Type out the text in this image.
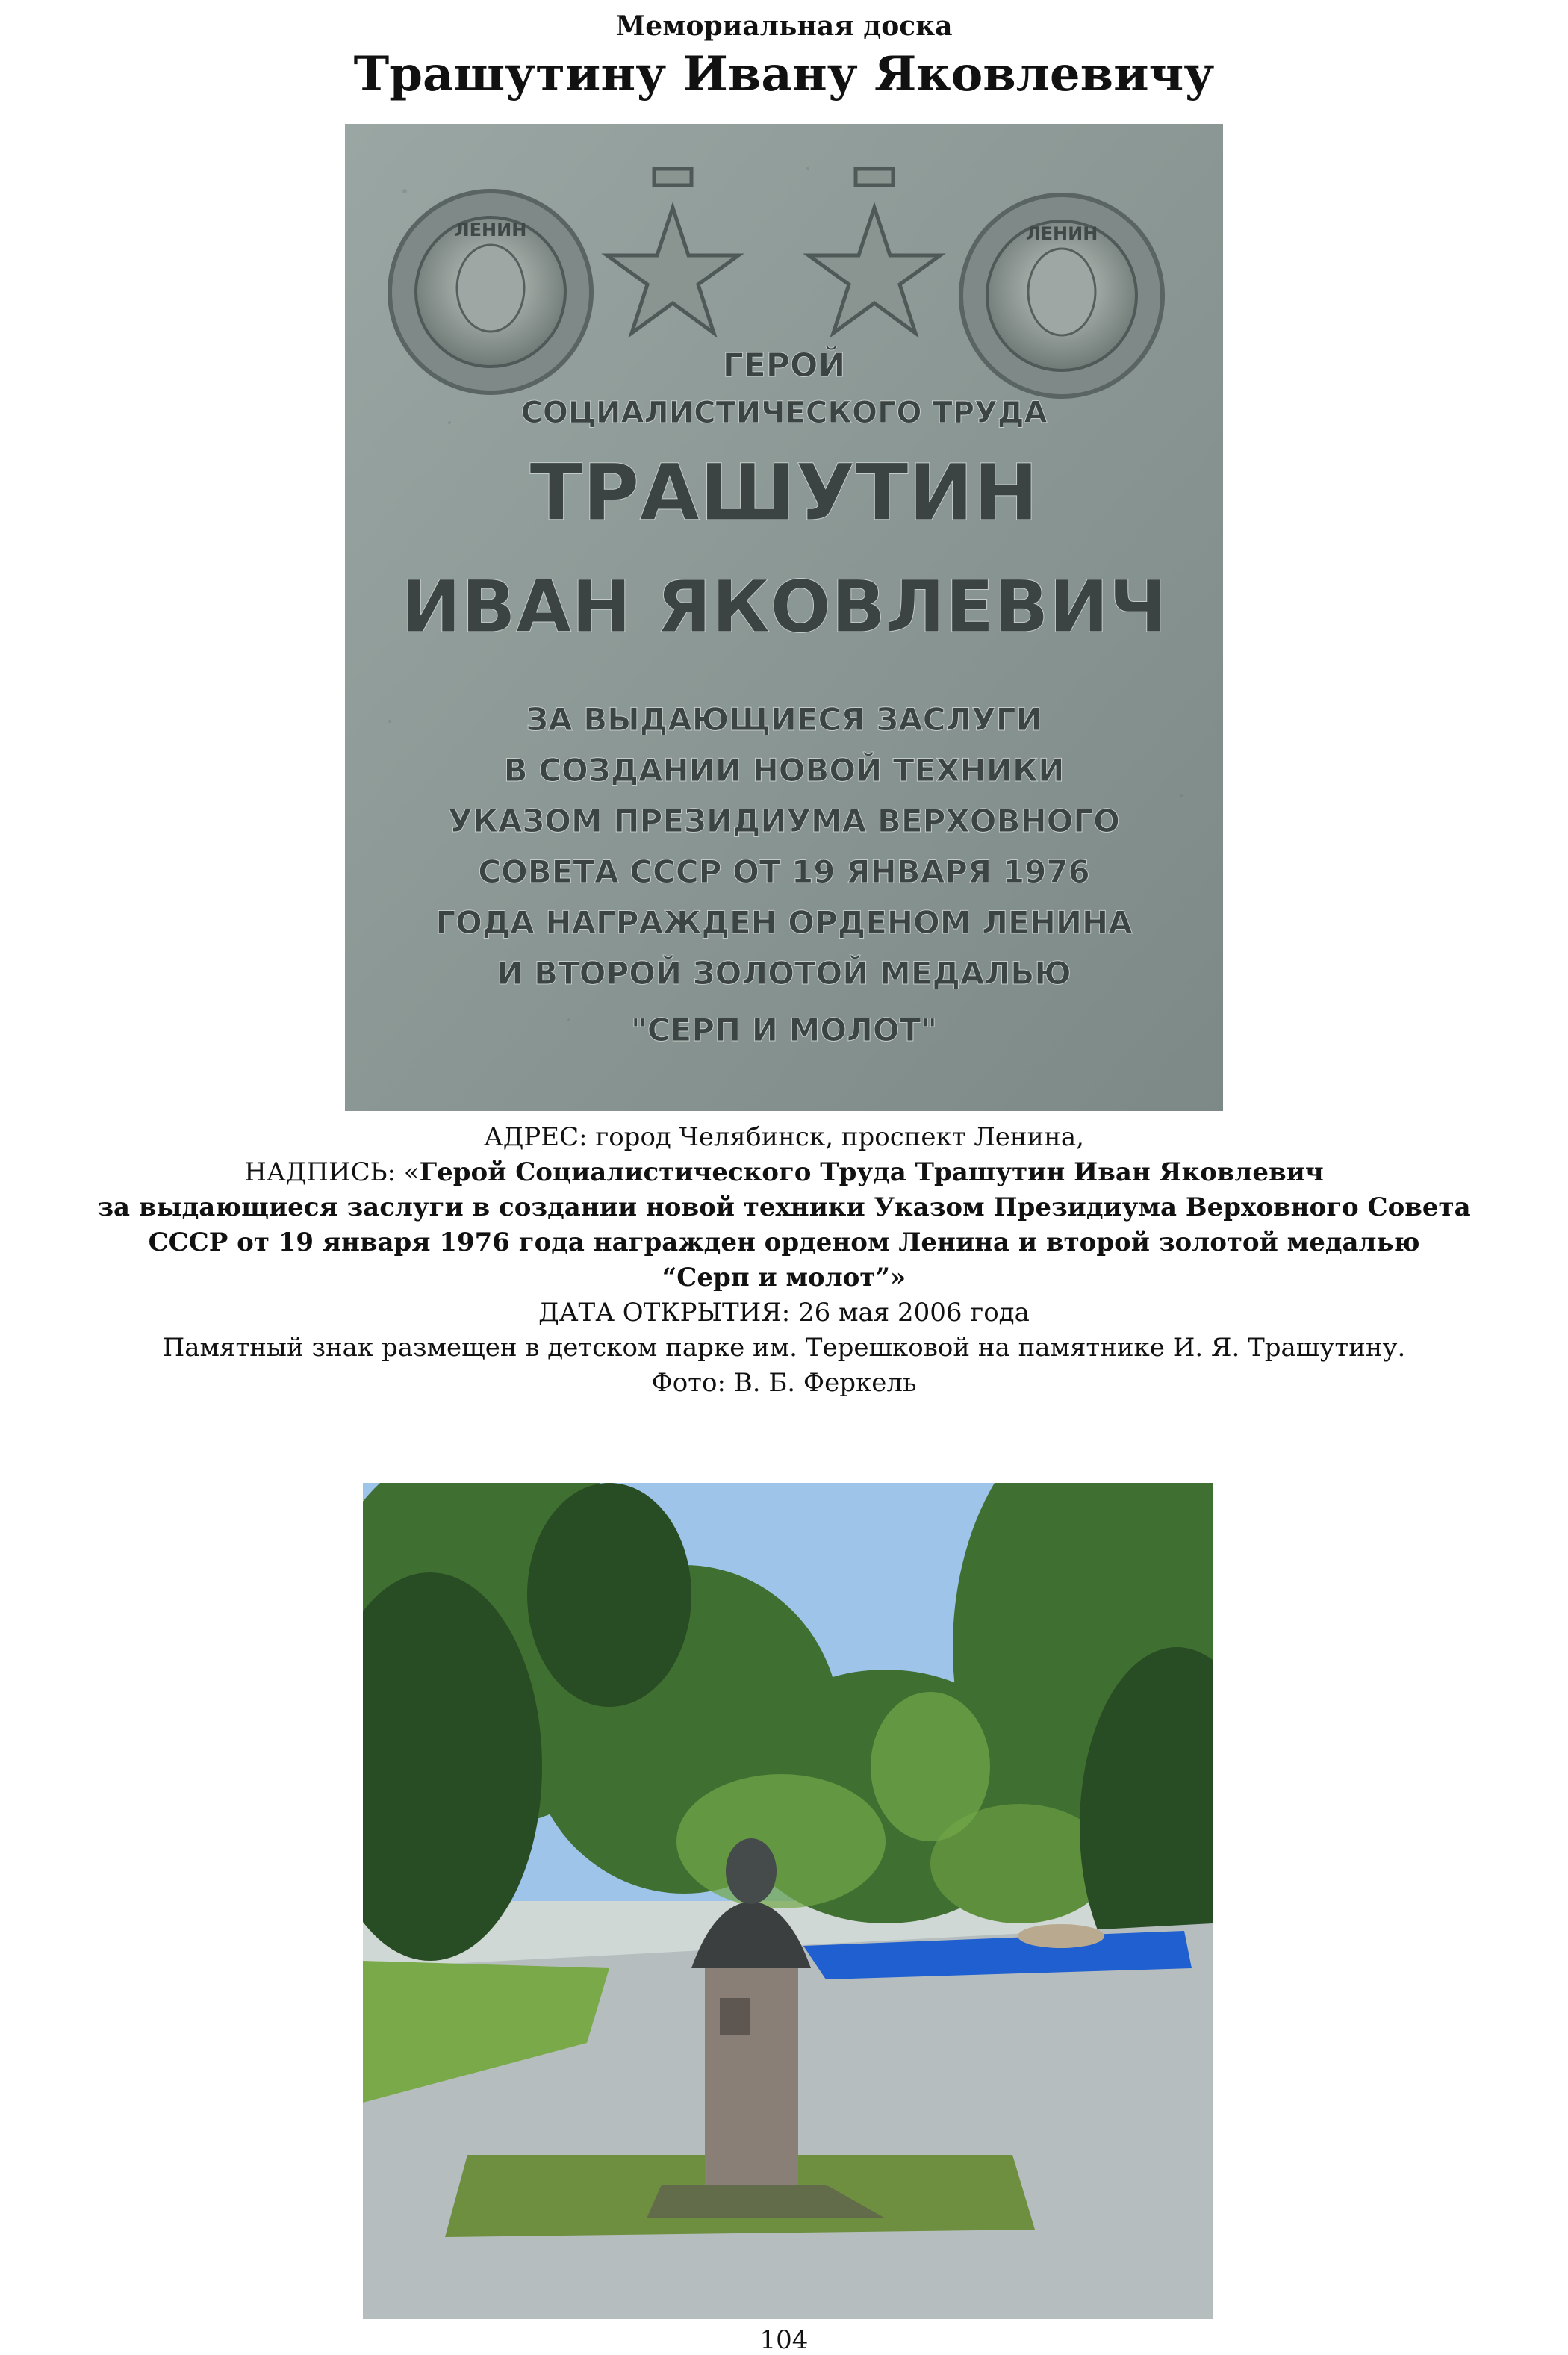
Мемориальная доска
Трашутину Ивану Яковлевичу
ЛЕНИН	ЛЕНИН
ГЕРОЙ
СОЦИАЛИСТИЧЕСКОГО ТРУДА
ТРАШУТИН
ИВАН ЯКОВЛЕВИЧ
ЗА ВЫДАЮЩИЕСЯ ЗАСЛУГИ
В СОЗДАНИИ НОВОЙ ТЕХНИКИ
УКАЗОМ ПРЕЗИДИУМА ВЕРХОВНОГО
СОВЕТА СССР ОТ 19 ЯНВАРЯ 1976
ГОДА НАГРАЖДЕН ОРДЕНОМ ЛЕНИНА
И ВТОРОЙ ЗОЛОТОЙ МЕДАЛЬЮ
"СЕРП И МОЛОТ"
АДРЕС: город Челябинск, проспект Ленина,
НАДПИСЬ: «Герой Социалистического Труда Трашутин Иван Яковлевич
за выдающиеся заслуги в создании новой техники Указом Президиума Верховного Совета
СССР от 19 января 1976 года награжден орденом Ленина и второй золотой медалью
“Серп и молот”»
ДАТА ОТКРЫТИЯ: 26 мая 2006 года
Памятный знак размещен в детском парке им. Терешковой на памятнике И. Я. Трашутину.
Фото: В. Б. Феркель
104
